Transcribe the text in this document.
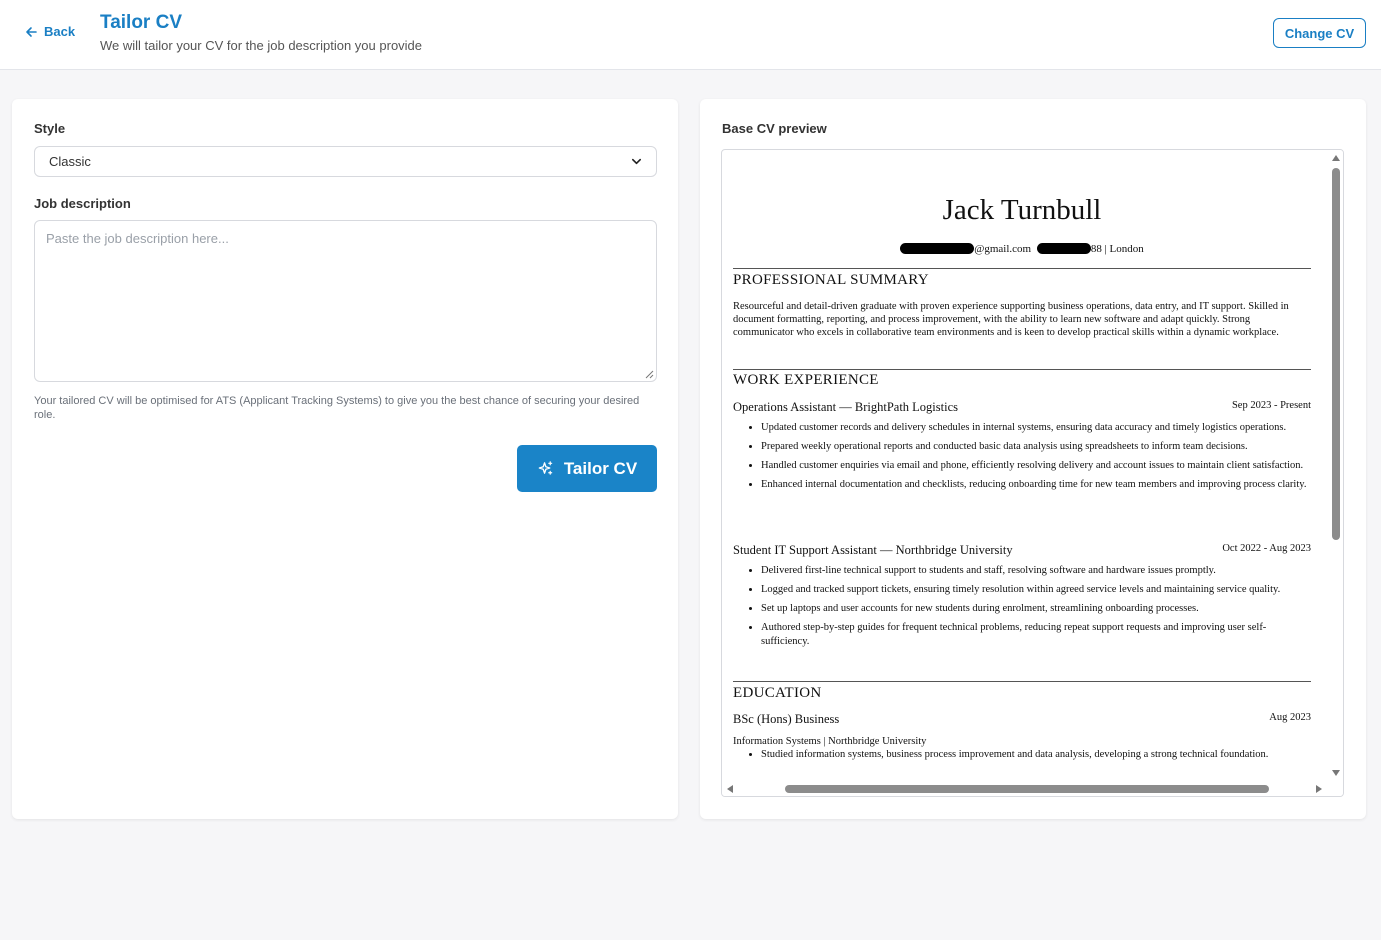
Back Tailor CV
We will tailor your CV for the job description you provide
Change CV
Style
Classic
Job description
Paste the job description here...
Your tailored CV will be optimised for ATS (Applicant Tracking Systems) to give you the best chance of securing your desired role.
Tailor CV
Base CV preview
Jack Turnbull
@gmail.com	88 | London
PROFESSIONAL SUMMARY
Resourceful and detail-driven graduate with proven experience supporting business operations, data entry, and IT support. Skilled in document formatting, reporting, and process improvement, with the ability to learn new software and adapt quickly. Strong communicator who excels in collaborative team environments and is keen to develop practical skills within a dynamic workplace.
WORK EXPERIENCE
Operations Assistant — BrightPath Logistics	Sep 2023 - Present
• Updated customer records and delivery schedules in internal systems, ensuring data accuracy and timely logistics operations.
• Prepared weekly operational reports and conducted basic data analysis using spreadsheets to inform team decisions.
• Handled customer enquiries via email and phone, efficiently resolving delivery and account issues to maintain client satisfaction.
• Enhanced internal documentation and checklists, reducing onboarding time for new team members and improving process clarity.
Student IT Support Assistant — Northbridge University	Oct 2022 - Aug 2023
• Delivered first-line technical support to students and staff, resolving software and hardware issues promptly.
• Logged and tracked support tickets, ensuring timely resolution within agreed service levels and maintaining service quality.
• Set up laptops and user accounts for new students during enrolment, streamlining onboarding processes.
• Authored step-by-step guides for frequent technical problems, reducing repeat support requests and improving user self-sufficiency.
EDUCATION
BSc (Hons) Business	Aug 2023
Information Systems | Northbridge University
• Studied information systems, business process improvement and data analysis, developing a strong technical foundation.
